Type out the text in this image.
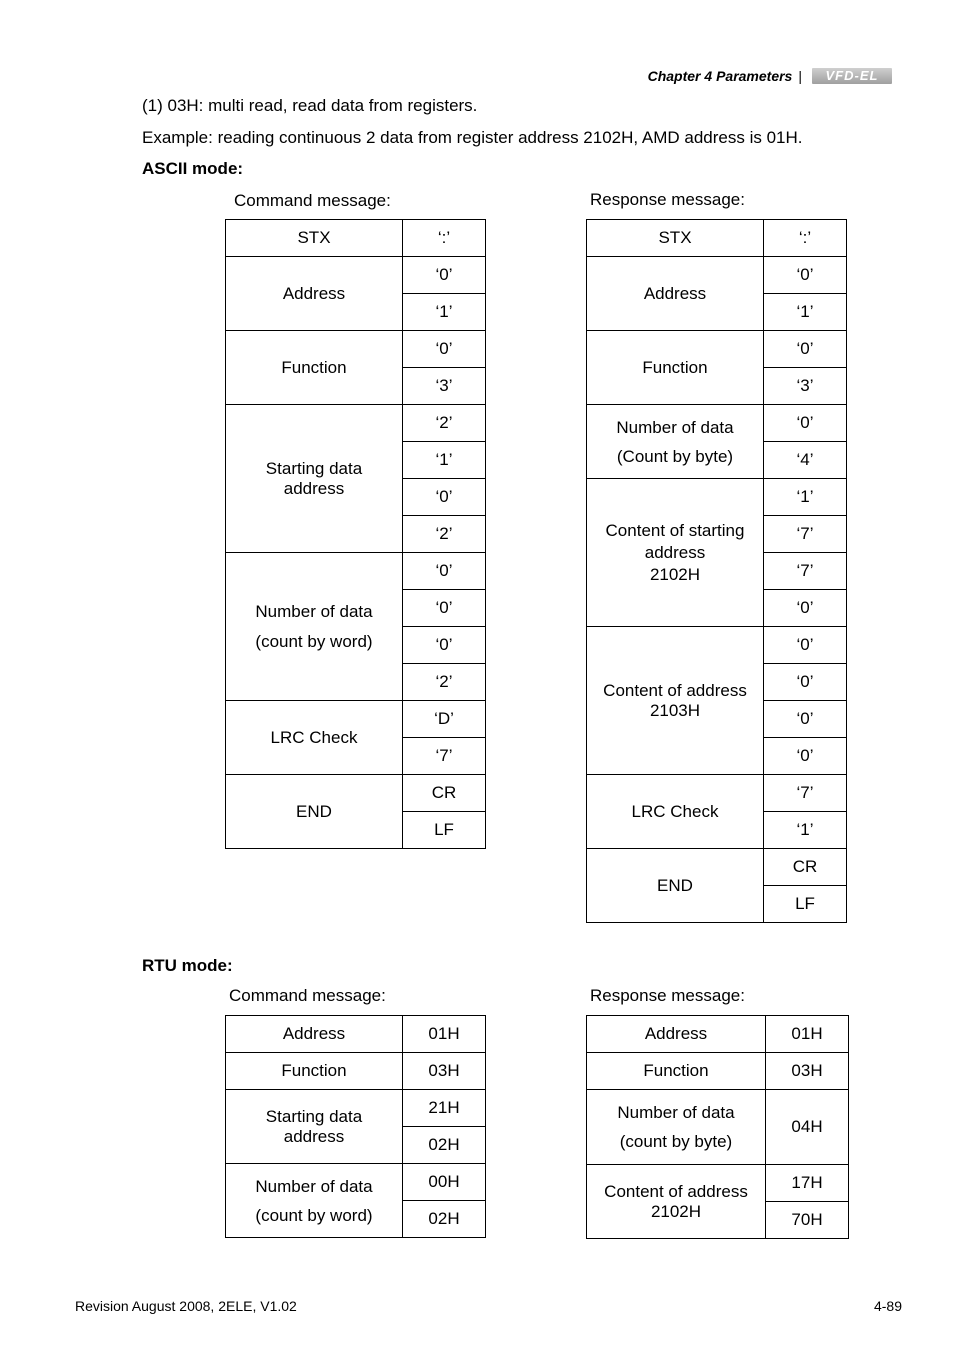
Chapter 4 Parameters |	VFD-EL
(1) 03H: multi read, read data from registers.
Example: reading continuous 2 data from register address 2102H, AMD address is 01H.
ASCII mode:
Command message:	Response message:
STX	‘:’
Address	‘0’
	‘1’
Function	‘0’
	‘3’
Starting data
address	‘2’
	‘1’
	‘0’
	‘2’
Number of data
(count by word)	‘0’
	‘0’
	‘0’
	‘2’
LRC Check	‘D’
	‘7’
END	CR
	LF
STX	‘:’
Address	‘0’
	‘1’
Function	‘0’
	‘3’
Number of data
(Count by byte)	‘0’
	‘4’
Content of starting
address
2102H	‘1’
	‘7’
	‘7’
	‘0’
Content of address
2103H	‘0’
	‘0’
	‘0’
	‘0’
LRC Check	‘7’
	‘1’
END	CR
	LF
RTU mode:
Command message:	Response message:
Address	01H
Function	03H
Starting data
address	21H
	02H
Number of data
(count by word)	00H
	02H
Address	01H
Function	03H
Number of data
(count by byte)	04H
Content of address
2102H	17H
	70H
Revision August 2008, 2ELE, V1.02	4-89
